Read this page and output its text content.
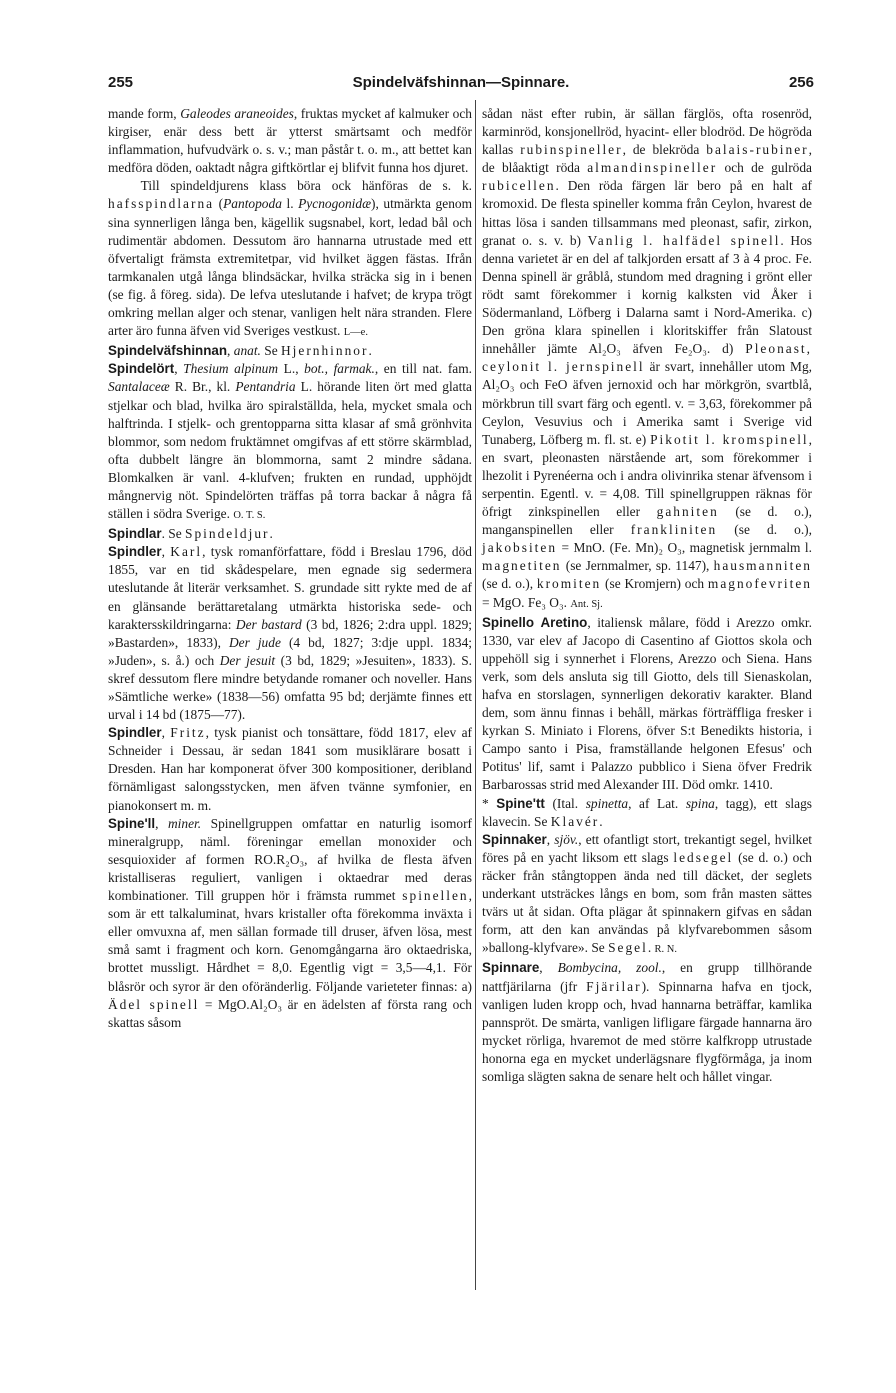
255	Spindelväfshinnan—Spinnare.	256

mande form, Galeodes araneoides, fruktas mycket af kalmuker och kirgiser, enär dess bett är ytterst smärtsamt och medför inflammation, hufvudvärk o. s. v.; man påstår t. o. m., att bettet kan medföra döden, oaktadt några giftkörtlar ej blifvit funna hos djuret.

Till spindeldjurens klass böra ock hänföras de s. k. hafsspindlarna (Pantopoda l. Pycnogonidæ), utmärkta genom sina synnerligen långa ben, kägellik sugsnabel, kort, ledad bål och rudimentär abdomen. Dessutom äro hannarna utrustade med ett öfvertaligt främsta extremitetpar, vid hvilket äggen fästas. Ifrån tarmkanalen utgå långa blindsäckar, hvilka sträcka sig in i benen (se fig. å föreg. sida). De lefva uteslutande i hafvet; de krypa trögt omkring mellan alger och stenar, vanligen helt nära stranden. Flere arter äro funna äfven vid Sveriges vestkust. L—e.

Spindelväfshinnan, anat. Se Hjernhinnor.

Spindelört, Thesium alpinum L., bot., farmak., en till nat. fam. Santalaceæ R. Br., kl. Pentandria L. hörande liten ört med glatta stjelkar och blad, hvilka äro spiralställda, hela, mycket smala och halftrinda. I stjelk- och grentopparna sitta klasar af små grönhvita blommor, som nedom fruktämnet omgifvas af ett större skärmblad, ofta dubbelt längre än blommorna, samt 2 mindre sådana. Blomkalken är vanl. 4-klufven; frukten en rundad, upphöjdt mångnervig nöt. Spindelörten träffas på torra backar å några få ställen i södra Sverige. O. T. S.

Spindlar. Se Spindeldjur.

Spindler, Karl, tysk romanförfattare, född i Breslau 1796, död 1855, var en tid skådespelare, men egnade sig sedermera uteslutande åt literär verksamhet. S. grundade sitt rykte med de af en glänsande berättaretalang utmärkta historiska sede- och karaktersskildringarna: Der bastard (3 bd, 1826; 2:dra uppl. 1829; »Bastarden», 1833), Der jude (4 bd, 1827; 3:dje uppl. 1834; »Juden», s. å.) och Der jesuit (3 bd, 1829; »Jesuiten», 1833). S. skref dessutom flere mindre betydande romaner och noveller. Hans »Sämtliche werke» (1838—56) omfatta 95 bd; derjämte finnes ett urval i 14 bd (1875—77).

Spindler, Fritz, tysk pianist och tonsättare, född 1817, elev af Schneider i Dessau, är sedan 1841 som musiklärare bosatt i Dresden. Han har komponerat öfver 300 kompositioner, deribland förnämligast salongsstycken, men äfven tvänne symfonier, en pianokonsert m. m.

Spine'll, miner. Spinellgruppen omfattar en naturlig isomorf mineralgrupp, näml. föreningar emellan monoxider och sesquioxider af formen RO.R₂O₃, af hvilka de flesta äfven kristalliseras reguliert, vanligen i oktaedrar med deras kombinationer. Till gruppen hör i främsta rummet spinellen, som är ett talkaluminat, hvars kristaller ofta förekomma inväxta i eller omvuxna af, men sällan formade till druser, äfven lösa, mest små samt i fragment och korn. Genomgångarna äro oktaedriska, brottet mussligt. Hårdhet = 8,0. Egentlig vigt = 3,5—4,1. För blåsrör och syror är den oföränderlig. Följande varieteter finnas: a) Ädel spinell = MgO.Al₂O₃ är en ädelsten af första rang och skattas såsom

sådan näst efter rubin, är sällan färglös, ofta rosenröd, karminröd, konsjonellröd, hyacint- eller blodröd. De högröda kallas rubinspineller, de blekröda balais-rubiner, de blåaktigt röda almandinspineller och de gulröda rubicellen. Den röda färgen lär bero på en halt af kromoxid. De flesta spineller komma från Ceylon, hvarest de hittas lösa i sanden tillsammans med pleonast, safir, zirkon, granat o. s. v. b) Vanlig l. halfädel spinell. Hos denna varietet är en del af talkjorden ersatt af 3 à 4 proc. Fe. Denna spinell är gråblå, stundom med dragning i grönt eller rödt samt förekommer i kornig kalksten vid Åker i Södermanland, Löfberg i Dalarna samt i Nord-Amerika. c) Den gröna klara spinellen i kloritskiffer från Slatoust innehåller jämte Al₂O₃ äfven Fe₂O₃. d) Pleonast, ceylonit l. jernspinell är svart, innehåller utom Mg, Al₂O₃ och FeO äfven jernoxid och har mörkgrön, svartblå, mörkbrun till svart färg och egentl. v. = 3,63, förekommer på Ceylon, Vesuvius och i Amerika samt i Sverige vid Tunaberg, Löfberg m. fl. st. e) Pikotit l. kromspinell, en svart, pleonasten närstående art, som förekommer i lhezolit i Pyrenéerna och i andra olivinrika stenar äfvensom i serpentin. Egentl. v. = 4,08. Till spinellgruppen räknas för öfrigt zinkspinellen eller gahniten (se d. o.), manganspinellen eller frankliniten (se d. o.), jakobsiten = MnO. (Fe. Mn)₂ O₃, magnetisk jernmalm l. magnetiten (se Jernmalmer, sp. 1147), hausmanniten (se d. o.), kromiten (se Kromjern) och magnofevriten = MgO. Fe₃ O₃. Ant. Sj.

Spinello Aretino, italiensk målare, född i Arezzo omkr. 1330, var elev af Jacopo di Casentino af Giottos skola och uppehöll sig i synnerhet i Florens, Arezzo och Siena. Hans verk, som dels ansluta sig till Giotto, dels till Sienaskolan, hafva en storslagen, synnerligen dekorativ karakter. Bland dem, som ännu finnas i behåll, märkas förträffliga fresker i kyrkan S. Miniato i Florens, öfver S:t Benedikts historia, i Campo santo i Pisa, framställande helgonen Efesus' och Potitus' lif, samt i Palazzo pubblico i Siena öfver Fredrik Barbarossas strid med Alexander III. Död omkr. 1410.

* Spine'tt (Ital. spinetta, af Lat. spina, tagg), ett slags klavecin. Se Klavér.

Spinnaker, sjöv., ett ofantligt stort, trekantigt segel, hvilket föres på en yacht liksom ett slags ledsegel (se d. o.) och räcker från stångtoppen ända ned till däcket, der seglets underkant utsträckes långs en bom, som från masten sättes tvärs ut åt sidan. Ofta plägar åt spinnakern gifvas en sådan form, att den kan användas på klyfvarebommen såsom »ballong-klyfvare». Se Segel. R. N.

Spinnare, Bombycina, zool., en grupp tillhörande nattfjärilarna (jfr Fjärilar). Spinnarna hafva en tjock, vanligen luden kropp och, hvad hannarna beträffar, kamlika pannspröt. De smärta, vanligen lifligare färgade hannarna äro mycket rörliga, hvaremot de med större kalfkropp utrustade honorna ega en mycket underlägsnare flygförmåga, ja inom somliga slägten sakna de senare helt och hållet vingar.
